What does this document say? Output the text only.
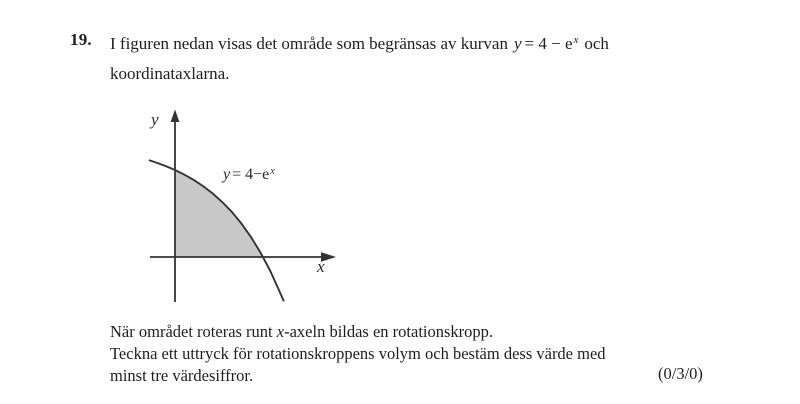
19. I figuren nedan visas det område som begränsas av kurvan $y = 4 - e^x$ och
koordinataxlarna.
y
x
$y = 4-e^x$
När området roteras runt x-axeln bildas en rotationskropp.
Teckna ett uttryck för rotationskroppens volym och bestäm dess värde med
minst tre värdesiffror.	(0/3/0)
